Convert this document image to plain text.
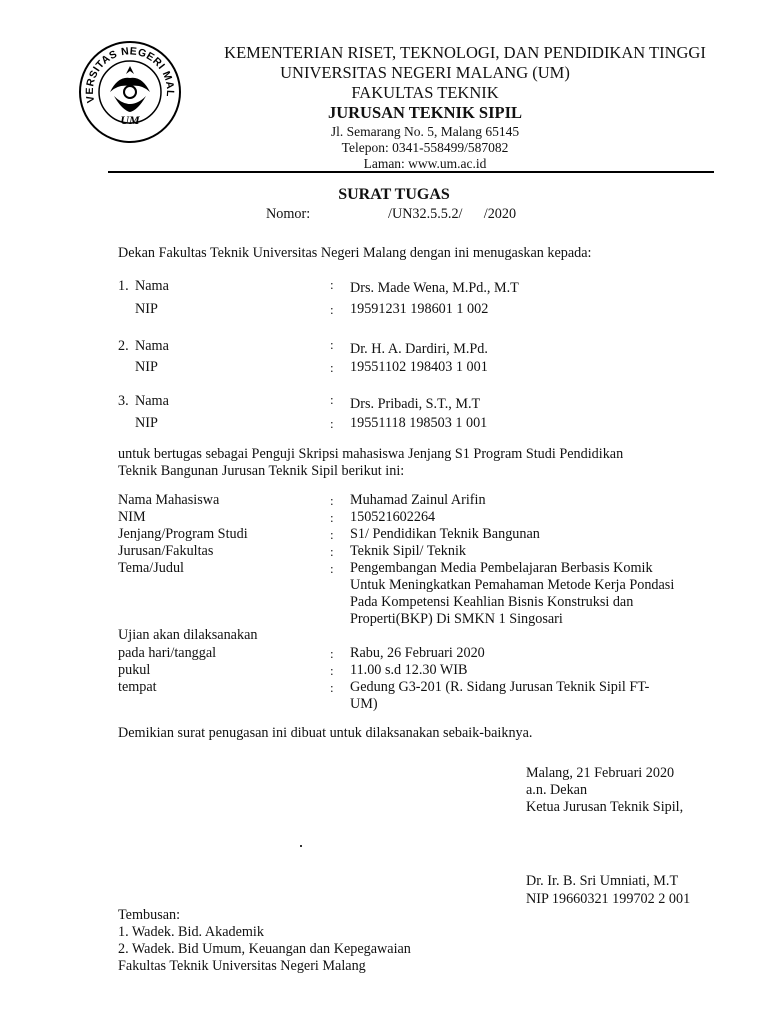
VERSITAS NEGERI MAL
UM
KEMENTERIAN RISET, TEKNOLOGI, DAN PENDIDIKAN TINGGI
UNIVERSITAS NEGERI MALANG (UM)
FAKULTAS TEKNIK
JURUSAN TEKNIK SIPIL
Jl. Semarang No. 5, Malang 65145
Telepon: 0341-558499/587082
Laman: www.um.ac.id
SURAT TUGAS
Nomor:	/UN32.5.5.2/      /2020
Dekan Fakultas Teknik Universitas Negeri Malang dengan ini menugaskan kepada:
1. Nama	: Drs. Made Wena, M.Pd., M.T
NIP	: 19591231 198601 1 002
2. Nama	: Dr. H. A. Dardiri, M.Pd.
NIP	: 19551102 198403 1 001
3. Nama	: Drs. Pribadi, S.T., M.T
NIP	: 19551118 198503 1 001
untuk bertugas sebagai Penguji Skripsi mahasiswa Jenjang S1 Program Studi Pendidikan
Teknik Bangunan Jurusan Teknik Sipil berikut ini:
Nama Mahasiswa	: Muhamad Zainul Arifin
NIM	: 150521602264
Jenjang/Program Studi	: S1/ Pendidikan Teknik Bangunan
Jurusan/Fakultas	: Teknik Sipil/ Teknik
Tema/Judul	: Pengembangan Media Pembelajaran Berbasis Komik
Untuk Meningkatkan Pemahaman Metode Kerja Pondasi
Pada Kompetensi Keahlian Bisnis Konstruksi dan
Properti(BKP) Di SMKN 1 Singosari
Ujian akan dilaksanakan
pada hari/tanggal	: Rabu, 26 Februari 2020
pukul	: 11.00 s.d 12.30 WIB
tempat	: Gedung G3-201 (R. Sidang Jurusan Teknik Sipil FT-
UM)
Demikian surat penugasan ini dibuat untuk dilaksanakan sebaik-baiknya.
Malang, 21 Februari 2020
a.n. Dekan
Ketua Jurusan Teknik Sipil,
Dr. Ir. B. Sri Umniati, M.T
NIP 19660321 199702 2 001
Tembusan:
1. Wadek. Bid. Akademik
2. Wadek. Bid Umum, Keuangan dan Kepegawaian
Fakultas Teknik Universitas Negeri Malang
